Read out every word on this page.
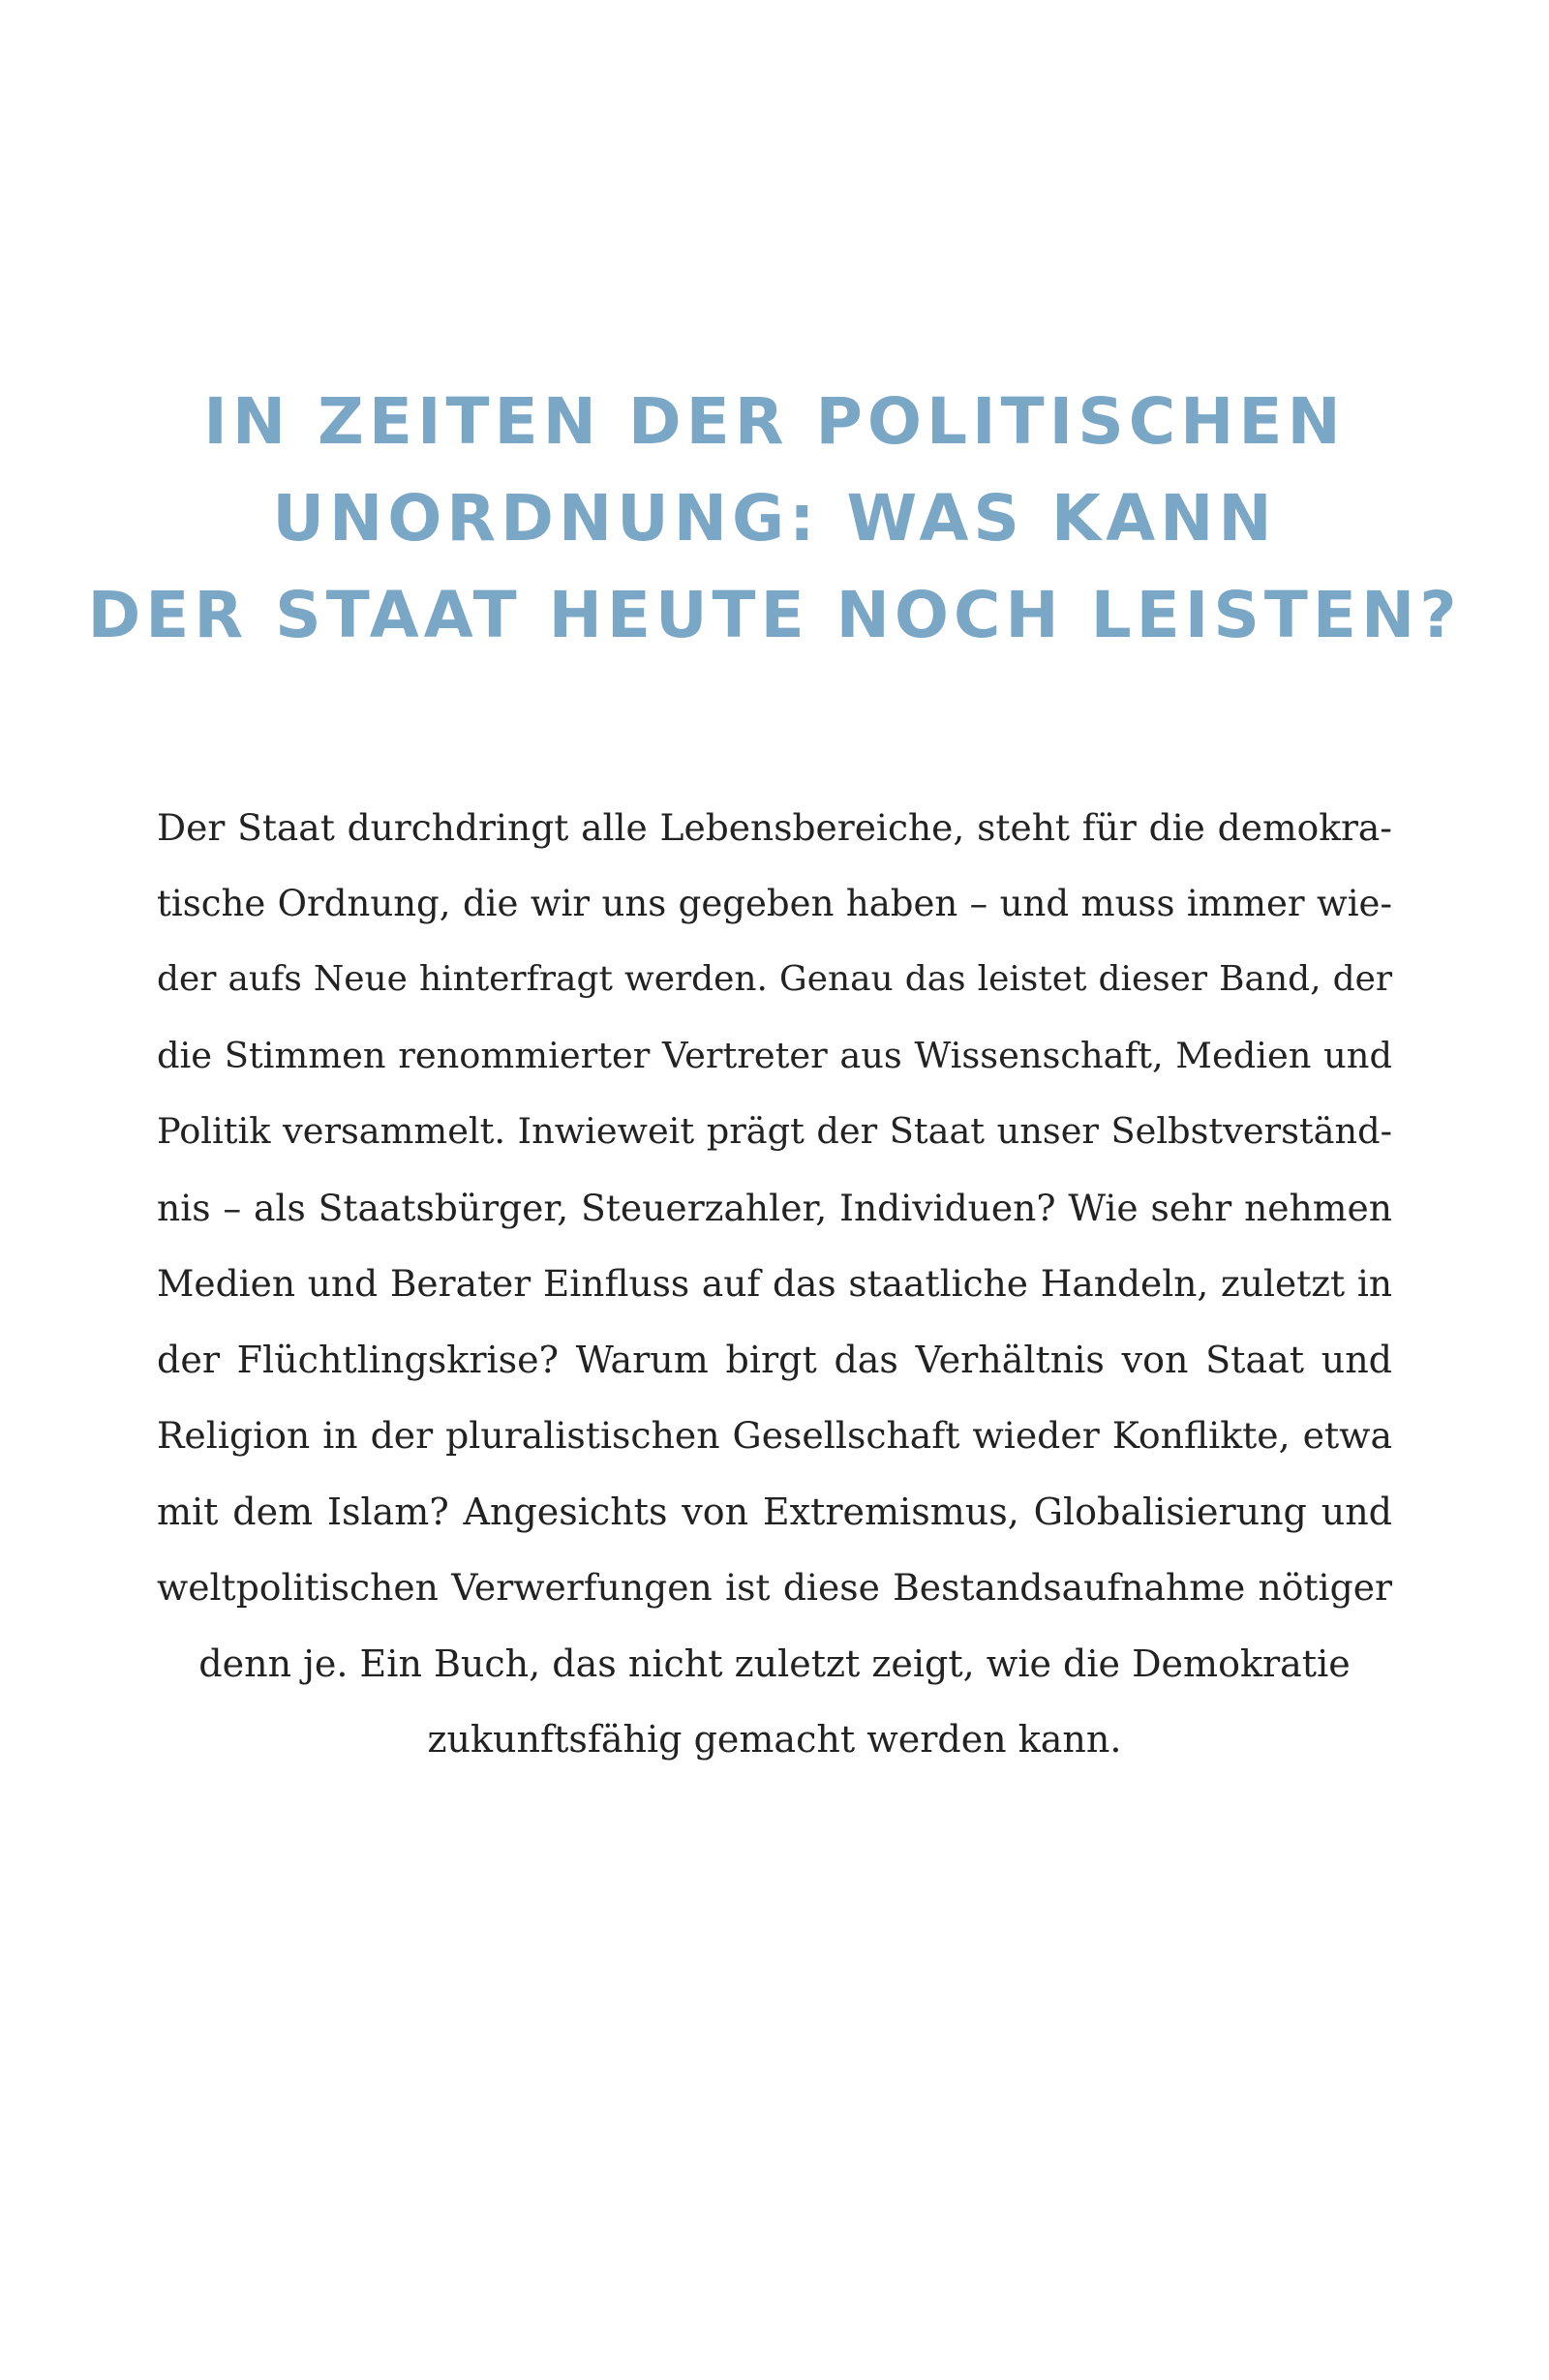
IN ZEITEN DER POLITISCHEN
UNORDNUNG: WAS KANN
DER STAAT HEUTE NOCH LEISTEN?
Der Staat durchdringt alle Lebensbereiche, steht für die demokra-
tische Ordnung, die wir uns gegeben haben – und muss immer wie-
der aufs Neue hinterfragt werden. Genau das leistet dieser Band, der
die Stimmen renommierter Vertreter aus Wissenschaft, Medien und
Politik versammelt. Inwieweit prägt der Staat unser Selbstverständ-
nis – als Staatsbürger, Steuerzahler, Individuen? Wie sehr nehmen
Medien und Berater Einfluss auf das staatliche Handeln, zuletzt in
der Flüchtlingskrise? Warum birgt das Verhältnis von Staat und
Religion in der pluralistischen Gesellschaft wieder Konflikte, etwa
mit dem Islam? Angesichts von Extremismus, Globalisierung und
weltpolitischen Verwerfungen ist diese Bestandsaufnahme nötiger
denn je. Ein Buch, das nicht zuletzt zeigt, wie die Demokratie
zukunftsfähig gemacht werden kann.
